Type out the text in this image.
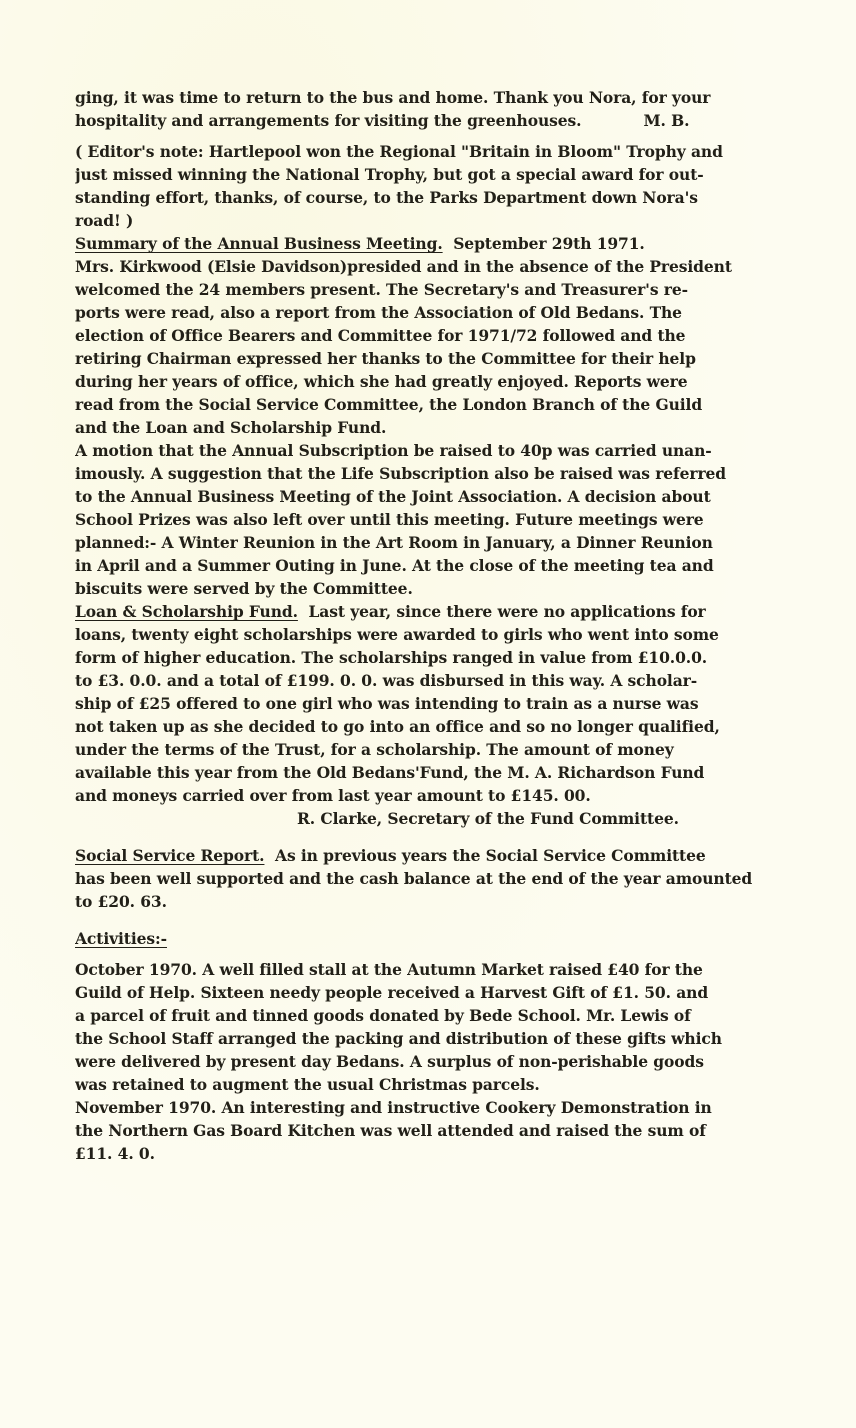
ging, it was time to return to the bus and home. Thank you Nora, for your
hospitality and arrangements for visiting the greenhouses.	M. B.
( Editor's note: Hartlepool won the Regional "Britain in Bloom" Trophy and
just missed winning the National Trophy, but got a special award for out-
standing effort, thanks, of course, to the Parks Department down Nora's
road! )
Summary of the Annual Business Meeting. September 29th 1971.
Mrs. Kirkwood (Elsie Davidson)presided and in the absence of the President
welcomed the 24 members present. The Secretary's and Treasurer's re-
ports were read, also a report from the Association of Old Bedans. The
election of Office Bearers and Committee for 1971/72 followed and the
retiring Chairman expressed her thanks to the Committee for their help
during her years of office, which she had greatly enjoyed. Reports were
read from the Social Service Committee, the London Branch of the Guild
and the Loan and Scholarship Fund.
A motion that the Annual Subscription be raised to 40p was carried unan-
imously. A suggestion that the Life Subscription also be raised was referred
to the Annual Business Meeting of the Joint Association. A decision about
School Prizes was also left over until this meeting. Future meetings were
planned:- A Winter Reunion in the Art Room in January, a Dinner Reunion
in April and a Summer Outing in June. At the close of the meeting tea and
biscuits were served by the Committee.
Loan & Scholarship Fund. Last year, since there were no applications for
loans, twenty eight scholarships were awarded to girls who went into some
form of higher education. The scholarships ranged in value from £10.0.0.
to £3. 0.0. and a total of £199. 0. 0. was disbursed in this way. A scholar-
ship of £25 offered to one girl who was intending to train as a nurse was
not taken up as she decided to go into an office and so no longer qualified,
under the terms of the Trust, for a scholarship. The amount of money
available this year from the Old Bedans'Fund, the M. A. Richardson Fund
and moneys carried over from last year amount to £145. 00.
R. Clarke, Secretary of the Fund Committee.
Social Service Report. As in previous years the Social Service Committee
has been well supported and the cash balance at the end of the year amounted
to £20. 63.
Activities:-
October 1970. A well filled stall at the Autumn Market raised £40 for the
Guild of Help. Sixteen needy people received a Harvest Gift of £1. 50. and
a parcel of fruit and tinned goods donated by Bede School. Mr. Lewis of
the School Staff arranged the packing and distribution of these gifts which
were delivered by present day Bedans. A surplus of non-perishable goods
was retained to augment the usual Christmas parcels.
November 1970. An interesting and instructive Cookery Demonstration in
the Northern Gas Board Kitchen was well attended and raised the sum of
£11. 4. 0.
